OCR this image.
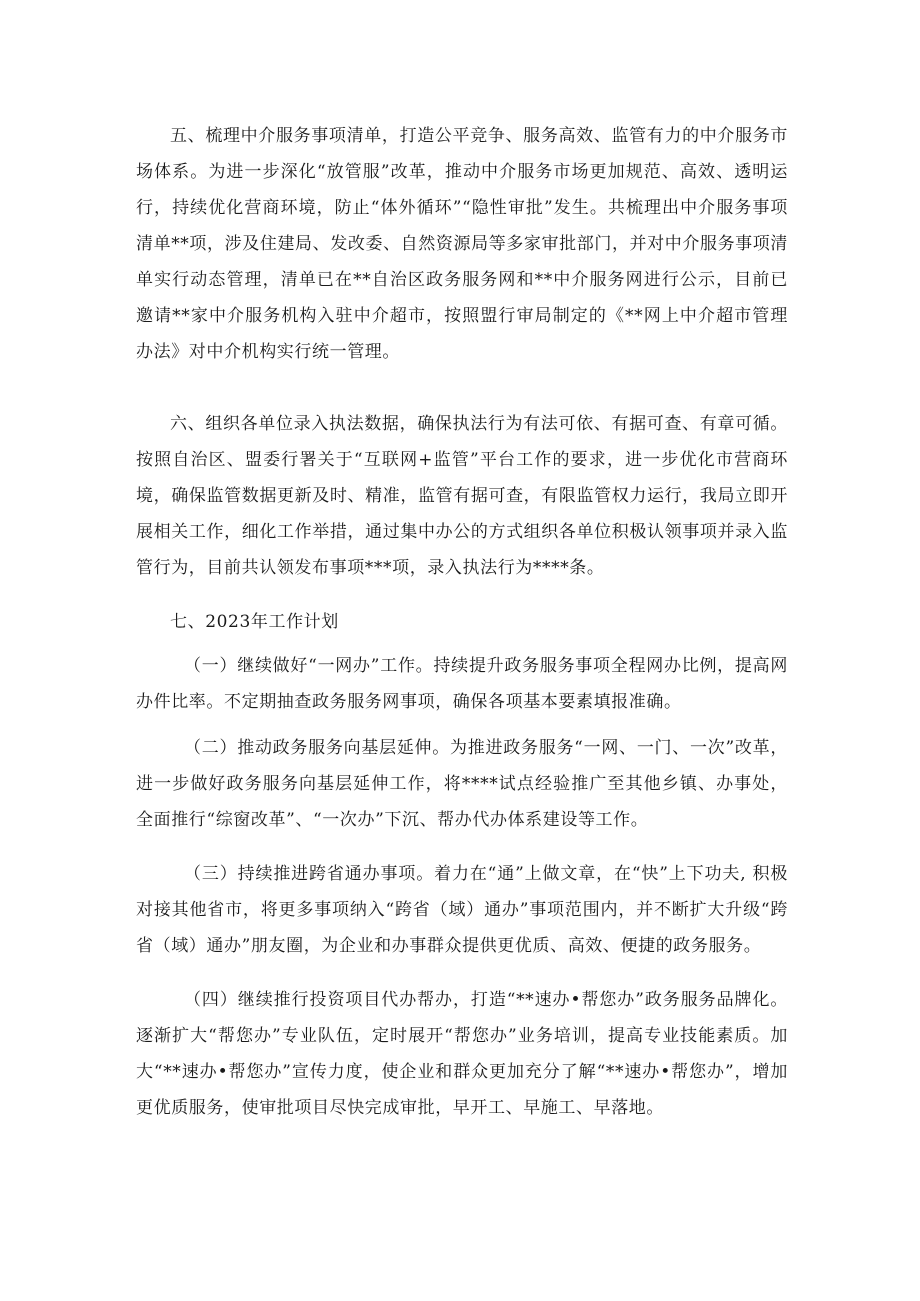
五、梳理中介服务事项清单，打造公平竞争、服务高效、监管有力的中介服务市场体系。为进一步深化“放管服”改革，推动中介服务市场更加规范、高效、透明运行，持续优化营商环境，防止“体外循环”“隐性审批”发生。共梳理出中介服务事项清单**项，涉及住建局、发改委、自然资源局等多家审批部门，并对中介服务事项清单实行动态管理，清单已在**自治区政务服务网和**中介服务网进行公示，目前已邀请**家中介服务机构入驻中介超市，按照盟行审局制定的《**网上中介超市管理办法》对中介机构实行统一管理。

六、组织各单位录入执法数据，确保执法行为有法可依、有据可查、有章可循。按照自治区、盟委行署关于“互联网+监管”平台工作的要求，进一步优化市营商环境，确保监管数据更新及时、精准，监管有据可查，有限监管权力运行，我局立即开展相关工作，细化工作举措，通过集中办公的方式组织各单位积极认领事项并录入监管行为，目前共认领发布事项***项，录入执法行为****条。

七、2023年工作计划

（一）继续做好“一网办”工作。持续提升政务服务事项全程网办比例，提高网办件比率。不定期抽查政务服务网事项，确保各项基本要素填报准确。

（二）推动政务服务向基层延伸。为推进政务服务“一网、一门、一次”改革，进一步做好政务服务向基层延伸工作，将****试点经验推广至其他乡镇、办事处，全面推行“综窗改革”、“一次办”下沉、帮办代办体系建设等工作。

（三）持续推进跨省通办事项。着力在“通”上做文章，在“快”上下功夫, 积极对接其他省市，将更多事项纳入“跨省（域）通办”事项范围内，并不断扩大升级“跨省（域）通办”朋友圈，为企业和办事群众提供更优质、高效、便捷的政务服务。

（四）继续推行投资项目代办帮办，打造“**速办•帮您办”政务服务品牌化。逐渐扩大“帮您办”专业队伍，定时展开“帮您办”业务培训，提高专业技能素质。加大“**速办•帮您办”宣传力度，使企业和群众更加充分了解“**速办•帮您办”，增加更优质服务，使审批项目尽快完成审批，早开工、早施工、早落地。
